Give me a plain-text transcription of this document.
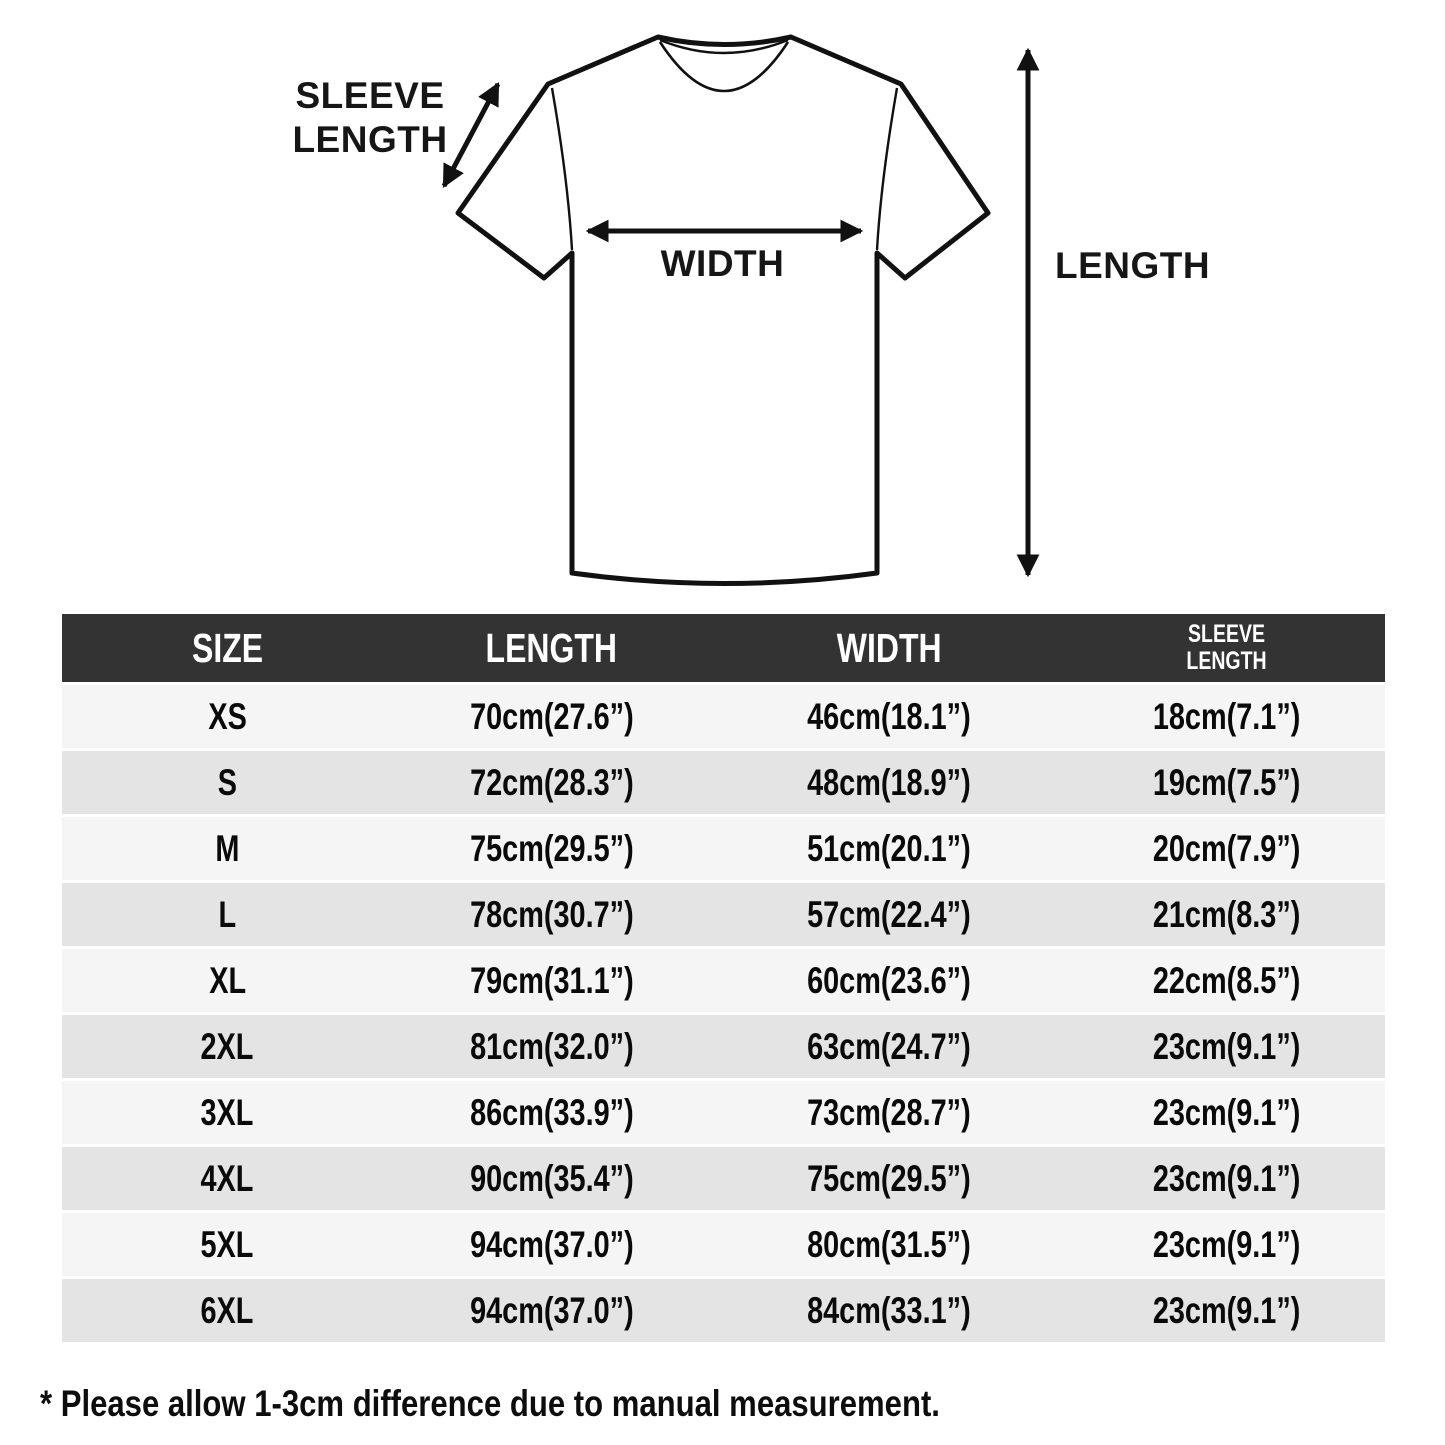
SLEEVE LENGTH
WIDTH	LENGTH
SIZE	LENGTH	WIDTH	SLEEVE LENGTH
XS	70cm(27.6”)	46cm(18.1”)	18cm(7.1”)
S	72cm(28.3”)	48cm(18.9”)	19cm(7.5”)
M	75cm(29.5”)	51cm(20.1”)	20cm(7.9”)
L	78cm(30.7”)	57cm(22.4”)	21cm(8.3”)
XL	79cm(31.1”)	60cm(23.6”)	22cm(8.5”)
2XL	81cm(32.0”)	63cm(24.7”)	23cm(9.1”)
3XL	86cm(33.9”)	73cm(28.7”)	23cm(9.1”)
4XL	90cm(35.4”)	75cm(29.5”)	23cm(9.1”)
5XL	94cm(37.0”)	80cm(31.5”)	23cm(9.1”)
6XL	94cm(37.0”)	84cm(33.1”)	23cm(9.1”)
* Please allow 1-3cm difference due to manual measurement.
